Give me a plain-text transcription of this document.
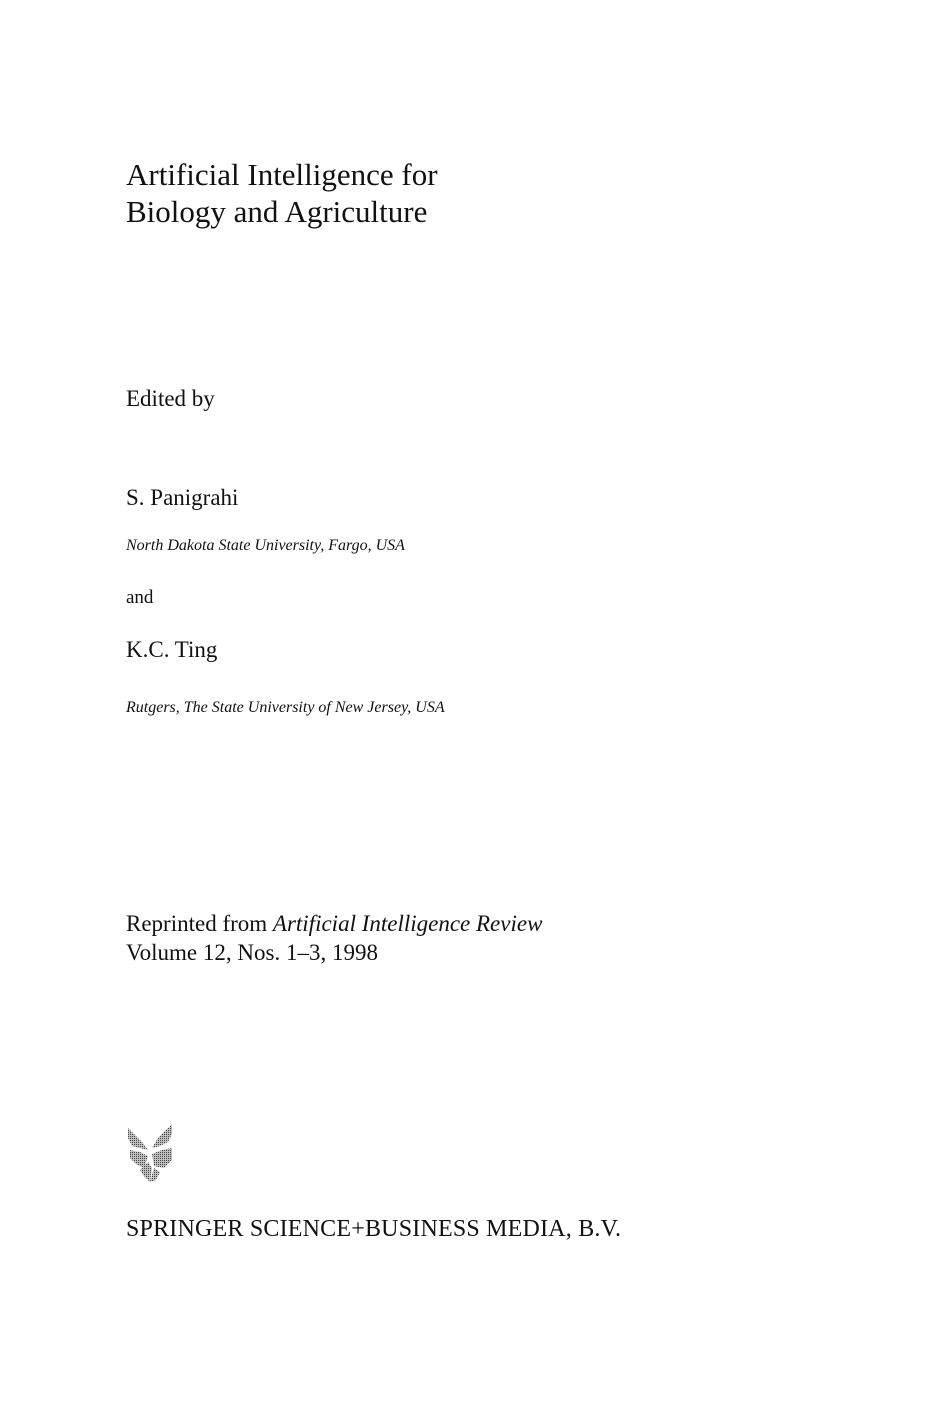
Artificial Intelligence for
Biology and Agriculture
Edited by
S. Panigrahi
North Dakota State University, Fargo, USA
and
K.C. Ting
Rutgers, The State University of New Jersey, USA
Reprinted from Artificial Intelligence Review
Volume 12, Nos. 1–3, 1998
SPRINGER SCIENCE+BUSINESS MEDIA, B.V.
